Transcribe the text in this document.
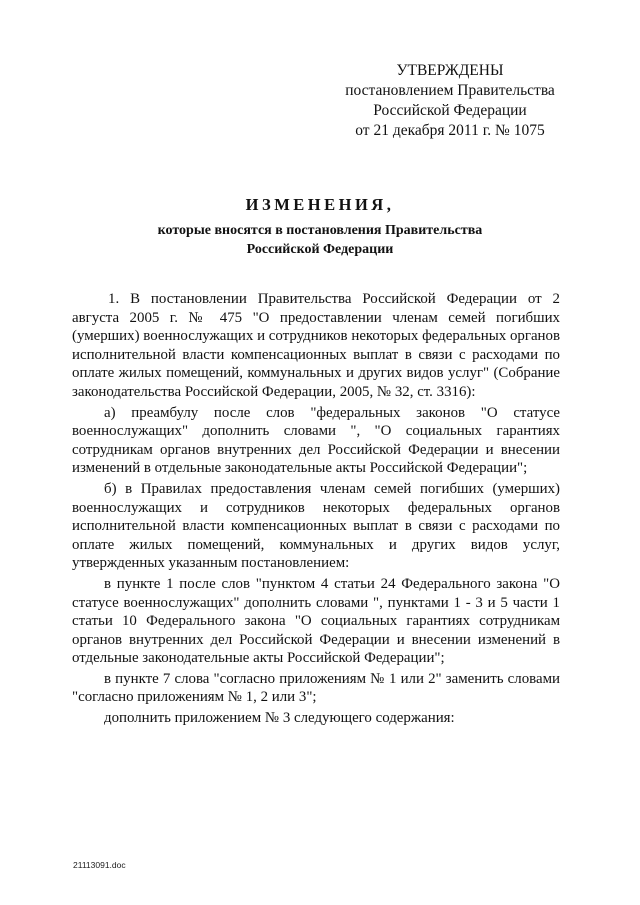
УТВЕРЖДЕНЫ
постановлением Правительства
Российской Федерации
от 21 декабря 2011 г. № 1075
ИЗМЕНЕНИЯ,
которые вносятся в постановления Правительства
Российской Федерации

1. В постановлении Правительства Российской Федерации от 2 августа 2005 г. № 475 "О предоставлении членам семей погибших (умерших) военнослужащих и сотрудников некоторых федеральных органов исполнительной власти компенсационных выплат в связи с расходами по оплате жилых помещений, коммунальных и других видов услуг" (Собрание законодательства Российской Федерации, 2005, № 32, ст. 3316):

а) преамбулу после слов "федеральных законов "О статусе военнослужащих" дополнить словами ", "О социальных гарантиях сотрудникам органов внутренних дел Российской Федерации и внесении изменений в отдельные законодательные акты Российской Федерации";

б) в Правилах предоставления членам семей погибших (умерших) военнослужащих и сотрудников некоторых федеральных органов исполнительной власти компенсационных выплат в связи с расходами по оплате жилых помещений, коммунальных и других видов услуг, утвержденных указанным постановлением:

в пункте 1 после слов "пунктом 4 статьи 24 Федерального закона "О статусе военнослужащих" дополнить словами ", пунктами 1 - 3 и 5 части 1 статьи 10 Федерального закона "О социальных гарантиях сотрудникам органов внутренних дел Российской Федерации и внесении изменений в отдельные законодательные акты Российской Федерации";

в пункте 7 слова "согласно приложениям № 1 или 2" заменить словами "согласно приложениям № 1, 2 или 3";

дополнить приложением № 3 следующего содержания:

21113091.doc
